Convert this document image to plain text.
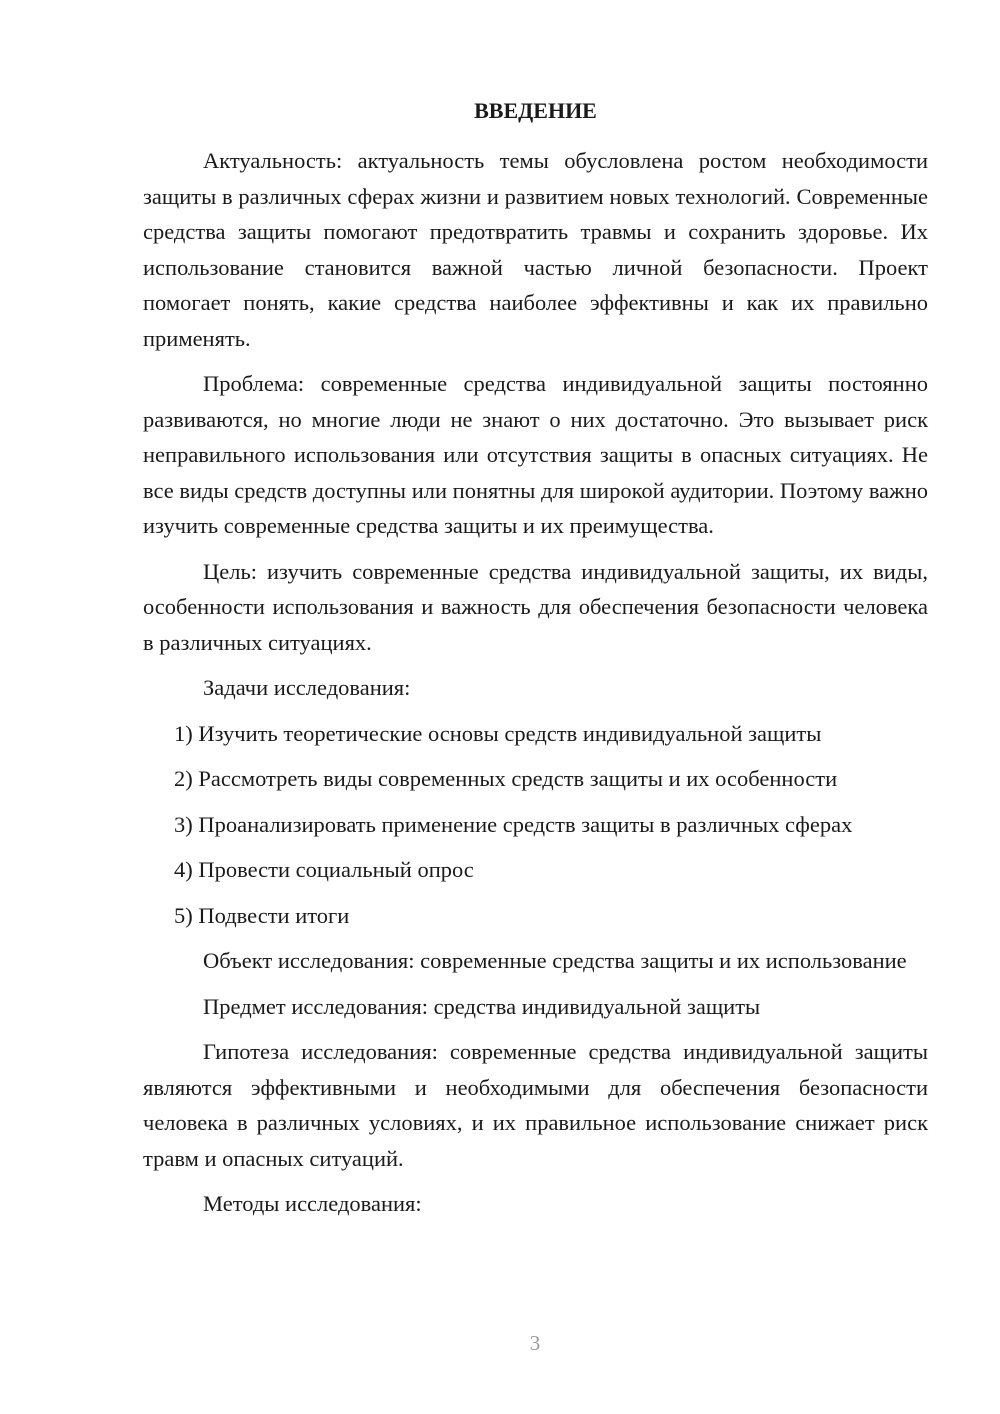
ВВЕДЕНИЕ

Актуальность: актуальность темы обусловлена ростом необходимости защиты в различных сферах жизни и развитием новых технологий. Современные средства защиты помогают предотвратить травмы и сохранить здоровье. Их использование становится важной частью личной безопасности. Проект помогает понять, какие средства наиболее эффективны и как их правильно применять.

Проблема: современные средства индивидуальной защиты постоянно развиваются, но многие люди не знают о них достаточно. Это вызывает риск неправильного использования или отсутствия защиты в опасных ситуациях. Не все виды средств доступны или понятны для широкой аудитории. Поэтому важно изучить современные средства защиты и их преимущества.

Цель: изучить современные средства индивидуальной защиты, их виды, особенности использования и важность для обеспечения безопасности человека в различных ситуациях.

Задачи исследования:

1) Изучить теоретические основы средств индивидуальной защиты
2) Рассмотреть виды современных средств защиты и их особенности
3) Проанализировать применение средств защиты в различных сферах
4) Провести социальный опрос
5) Подвести итоги

Объект исследования: современные средства защиты и их использование

Предмет исследования: средства индивидуальной защиты

Гипотеза исследования: современные средства индивидуальной защиты являются эффективными и необходимыми для обеспечения безопасности человека в различных условиях, и их правильное использование снижает риск травм и опасных ситуаций.

Методы исследования:

3
